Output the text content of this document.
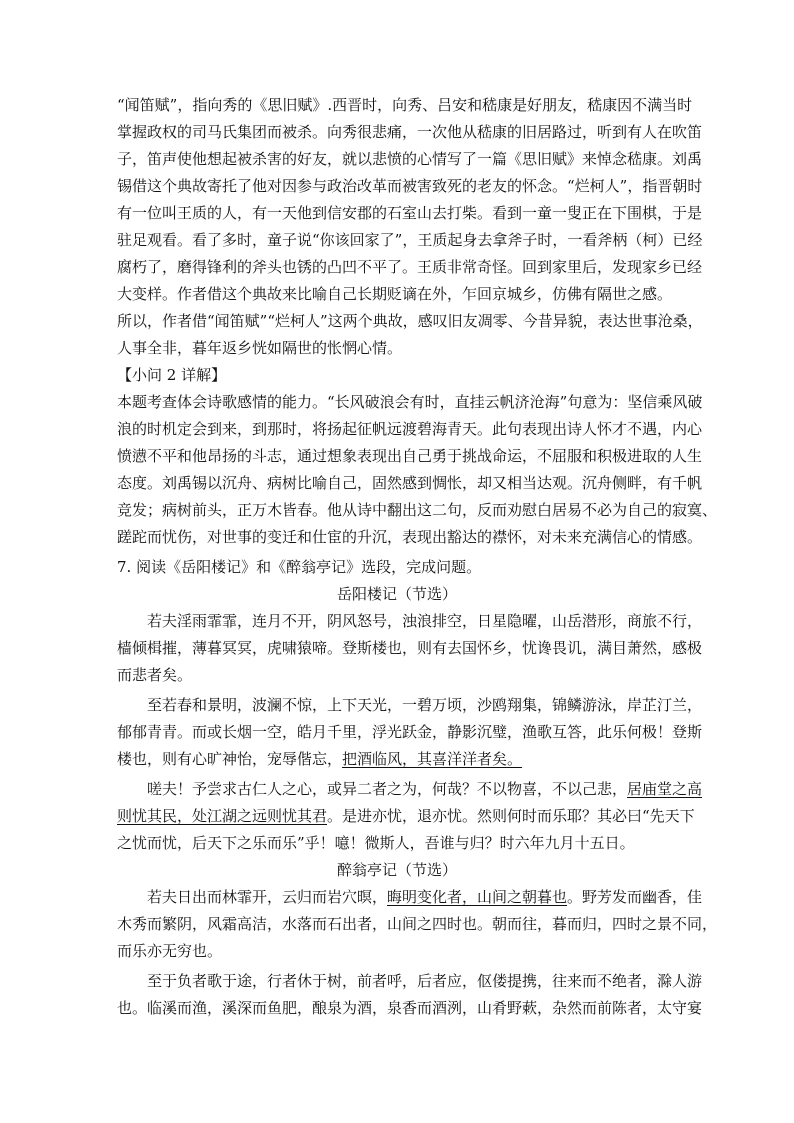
“闻笛赋”，指向秀的《思旧赋》.西晋时，向秀、吕安和嵇康是好朋友，嵇康因不满当时
掌握政权的司马氏集团而被杀。向秀很悲痛，一次他从嵇康的旧居路过，听到有人在吹笛
子，笛声使他想起被杀害的好友，就以悲愤的心情写了一篇《思旧赋》来悼念嵇康。刘禹
锡借这个典故寄托了他对因参与政治改革而被害致死的老友的怀念。“烂柯人”，指晋朝时
有一位叫王质的人，有一天他到信安郡的石室山去打柴。看到一童一叟正在下围棋，于是
驻足观看。看了多时，童子说“你该回家了”，王质起身去拿斧子时，一看斧柄（柯）已经
腐朽了，磨得锋利的斧头也锈的凸凹不平了。王质非常奇怪。回到家里后，发现家乡已经
大变样。作者借这个典故来比喻自己长期贬谪在外，乍回京城乡，仿佛有隔世之感。
所以，作者借“闻笛赋”“烂柯人”这两个典故，感叹旧友凋零、今昔异貌，表达世事沧桑，
人事全非，暮年返乡恍如隔世的怅惘心情。
【小问 2 详解】
本题考查体会诗歌感情的能力。“长风破浪会有时，直挂云帆济沧海”句意为：坚信乘风破
浪的时机定会到来，到那时，将扬起征帆远渡碧海青天。此句表现出诗人怀才不遇，内心
愤懑不平和他昂扬的斗志，通过想象表现出自己勇于挑战命运，不屈服和积极进取的人生
态度。刘禹锡以沉舟、病树比喻自己，固然感到惆怅，却又相当达观。沉舟侧畔，有千帆
竞发；病树前头，正万木皆春。他从诗中翻出这二句，反而劝慰白居易不必为自己的寂寞、
蹉跎而忧伤，对世事的变迁和仕宦的升沉，表现出豁达的襟怀，对未来充满信心的情感。
7. 阅读《岳阳楼记》和《醉翁亭记》选段，完成问题。
岳阳楼记（节选）
若夫淫雨霏霏，连月不开，阴风怒号，浊浪排空，日星隐曜，山岳潜形，商旅不行，
樯倾楫摧，薄暮冥冥，虎啸猿啼。登斯楼也，则有去国怀乡，忧谗畏讥，满目萧然，感极
而悲者矣。
至若春和景明，波澜不惊，上下天光，一碧万顷，沙鸥翔集，锦鳞游泳，岸芷汀兰，
郁郁青青。而或长烟一空，皓月千里，浮光跃金，静影沉璧，渔歌互答，此乐何极！登斯
楼也，则有心旷神怡，宠辱偕忘，把酒临风，其喜洋洋者矣。
嗟夫！予尝求古仁人之心，或异二者之为，何哉？不以物喜，不以己悲，居庙堂之高
则忧其民，处江湖之远则忧其君。是进亦忧，退亦忧。然则何时而乐耶？其必曰“先天下
之忧而忧，后天下之乐而乐”乎！噫！微斯人，吾谁与归？时六年九月十五日。
醉翁亭记（节选）
若夫日出而林霏开，云归而岩穴暝，晦明变化者，山间之朝暮也。野芳发而幽香，佳
木秀而繁阴，风霜高洁，水落而石出者，山间之四时也。朝而往，暮而归，四时之景不同，
而乐亦无穷也。
至于负者歌于途，行者休于树，前者呼，后者应，伛偻提携，往来而不绝者，滁人游
也。临溪而渔，溪深而鱼肥，酿泉为酒，泉香而酒洌，山肴野蔌，杂然而前陈者，太守宴
